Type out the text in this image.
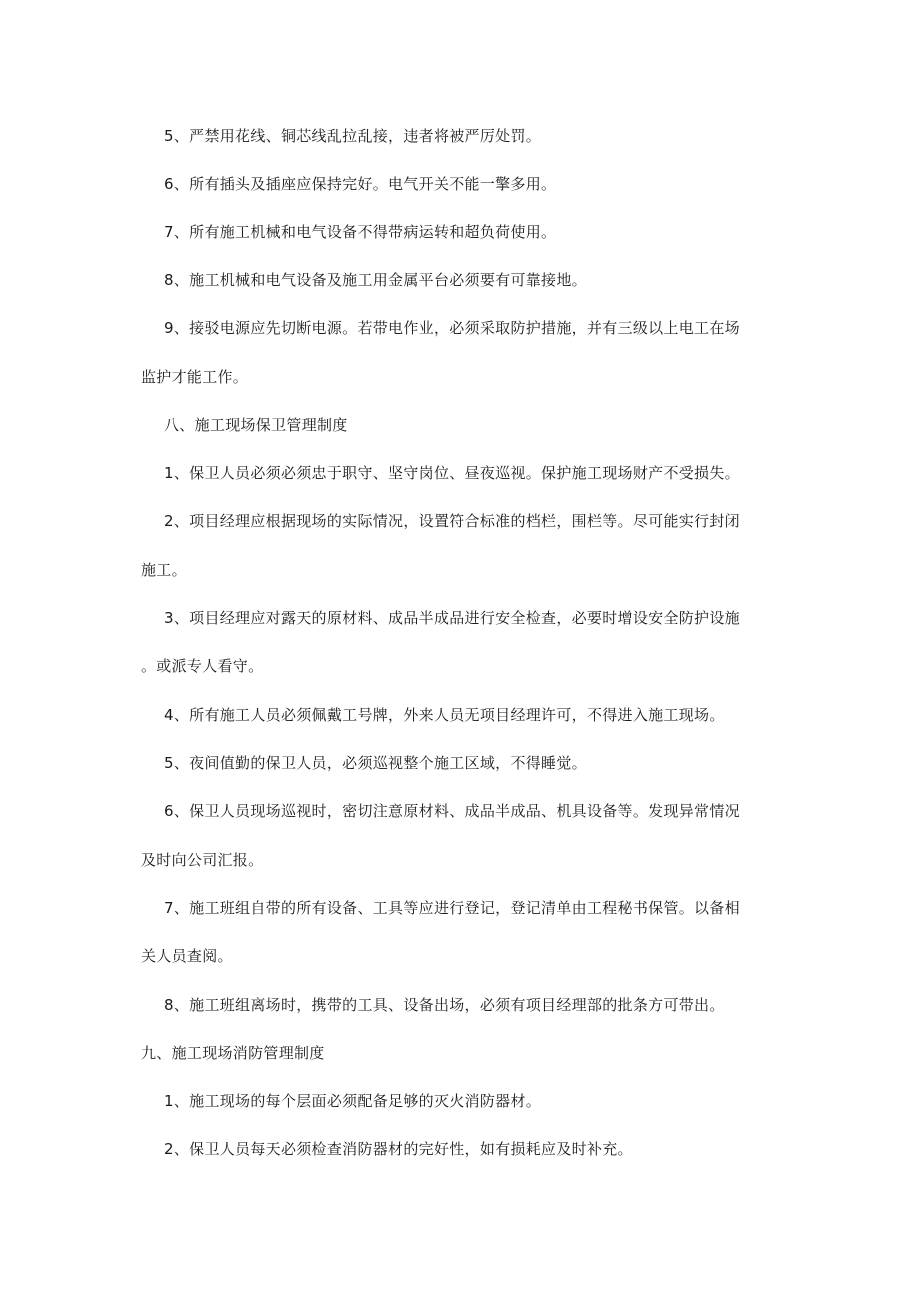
5、严禁用花线、铜芯线乱拉乱接，违者将被严厉处罚。

6、所有插头及插座应保持完好。电气开关不能一擎多用。

7、所有施工机械和电气设备不得带病运转和超负荷使用。

8、施工机械和电气设备及施工用金属平台必须要有可靠接地。

9、接驳电源应先切断电源。若带电作业，必须采取防护措施，并有三级以上电工在场

监护才能工作。

八、施工现场保卫管理制度

1、保卫人员必须必须忠于职守、坚守岗位、昼夜巡视。保护施工现场财产不受损失。

2、项目经理应根据现场的实际情况，设置符合标准的档栏，围栏等。尽可能实行封闭

施工。

3、项目经理应对露天的原材料、成品半成品进行安全检查，必要时增设安全防护设施

。或派专人看守。

4、所有施工人员必须佩戴工号牌，外来人员无项目经理许可，不得进入施工现场。

5、夜间值勤的保卫人员，必须巡视整个施工区域，不得睡觉。

6、保卫人员现场巡视时，密切注意原材料、成品半成品、机具设备等。发现异常情况

及时向公司汇报。

7、施工班组自带的所有设备、工具等应进行登记，登记清单由工程秘书保管。以备相

关人员查阅。

8、施工班组离场时，携带的工具、设备出场，必须有项目经理部的批条方可带出。

九、施工现场消防管理制度

1、施工现场的每个层面必须配备足够的灭火消防器材。

2、保卫人员每天必须检查消防器材的完好性，如有损耗应及时补充。
